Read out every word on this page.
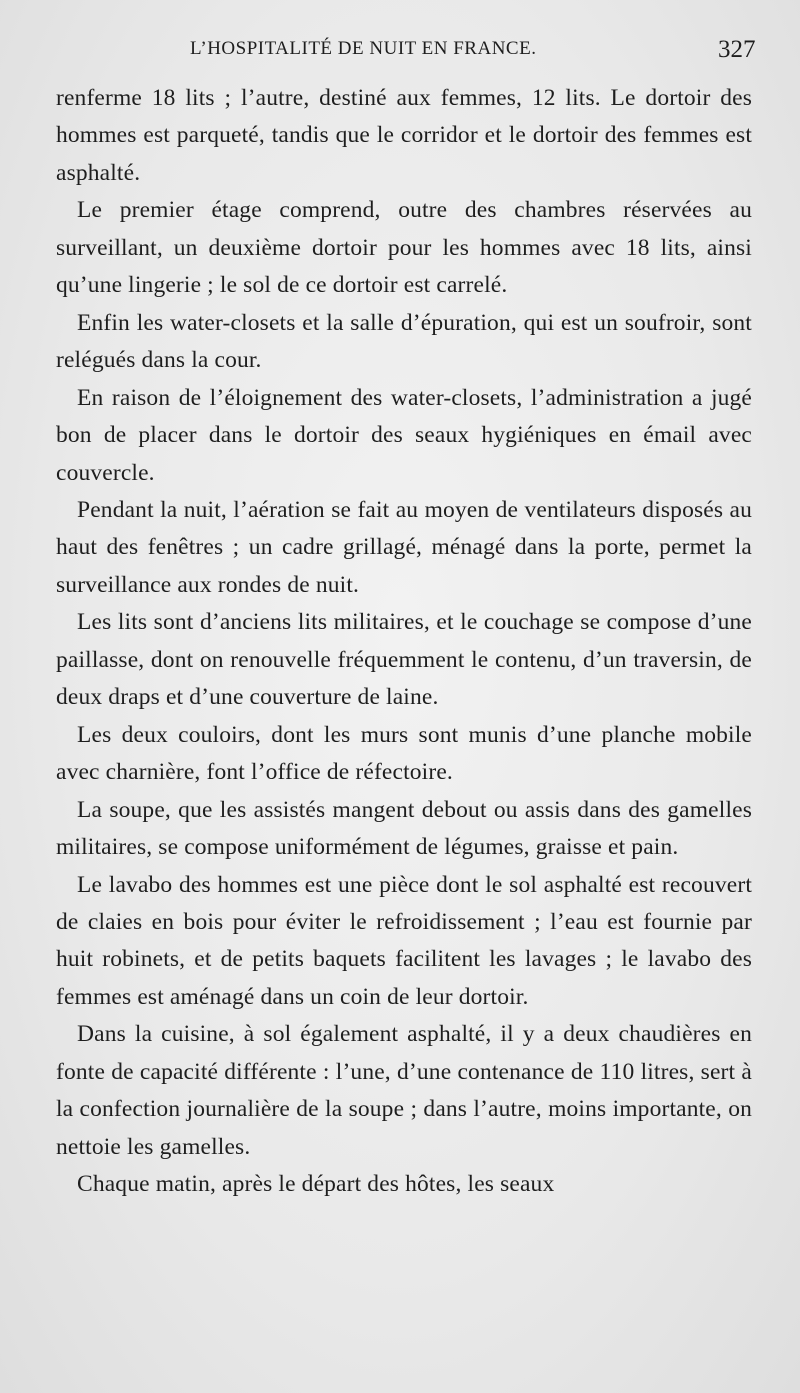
L’HOSPITALITÉ DE NUIT EN FRANCE.	327

renferme 18 lits ; l’autre, destiné aux femmes, 12 lits. Le dortoir des hommes est parqueté, tandis que le corridor et le dortoir des femmes est asphalté.

Le premier étage comprend, outre des chambres réservées au surveillant, un deuxième dortoir pour les hommes avec 18 lits, ainsi qu’une lingerie ; le sol de ce dortoir est carrelé.

Enfin les water-closets et la salle d’épuration, qui est un soufroir, sont relégués dans la cour.

En raison de l’éloignement des water-closets, l’administration a jugé bon de placer dans le dortoir des seaux hygiéniques en émail avec couvercle.

Pendant la nuit, l’aération se fait au moyen de ventilateurs disposés au haut des fenêtres ; un cadre grillagé, ménagé dans la porte, permet la surveillance aux rondes de nuit.

Les lits sont d’anciens lits militaires, et le couchage se compose d’une paillasse, dont on renouvelle fréquemment le contenu, d’un traversin, de deux draps et d’une couverture de laine.

Les deux couloirs, dont les murs sont munis d’une planche mobile avec charnière, font l’office de réfectoire.

La soupe, que les assistés mangent debout ou assis dans des gamelles militaires, se compose uniformément de légumes, graisse et pain.

Le lavabo des hommes est une pièce dont le sol asphalté est recouvert de claies en bois pour éviter le refroidissement ; l’eau est fournie par huit robinets, et de petits baquets facilitent les lavages ; le lavabo des femmes est aménagé dans un coin de leur dortoir.

Dans la cuisine, à sol également asphalté, il y a deux chaudières en fonte de capacité différente : l’une, d’une contenance de 110 litres, sert à la confection journalière de la soupe ; dans l’autre, moins importante, on nettoie les gamelles.

Chaque matin, après le départ des hôtes, les seaux
